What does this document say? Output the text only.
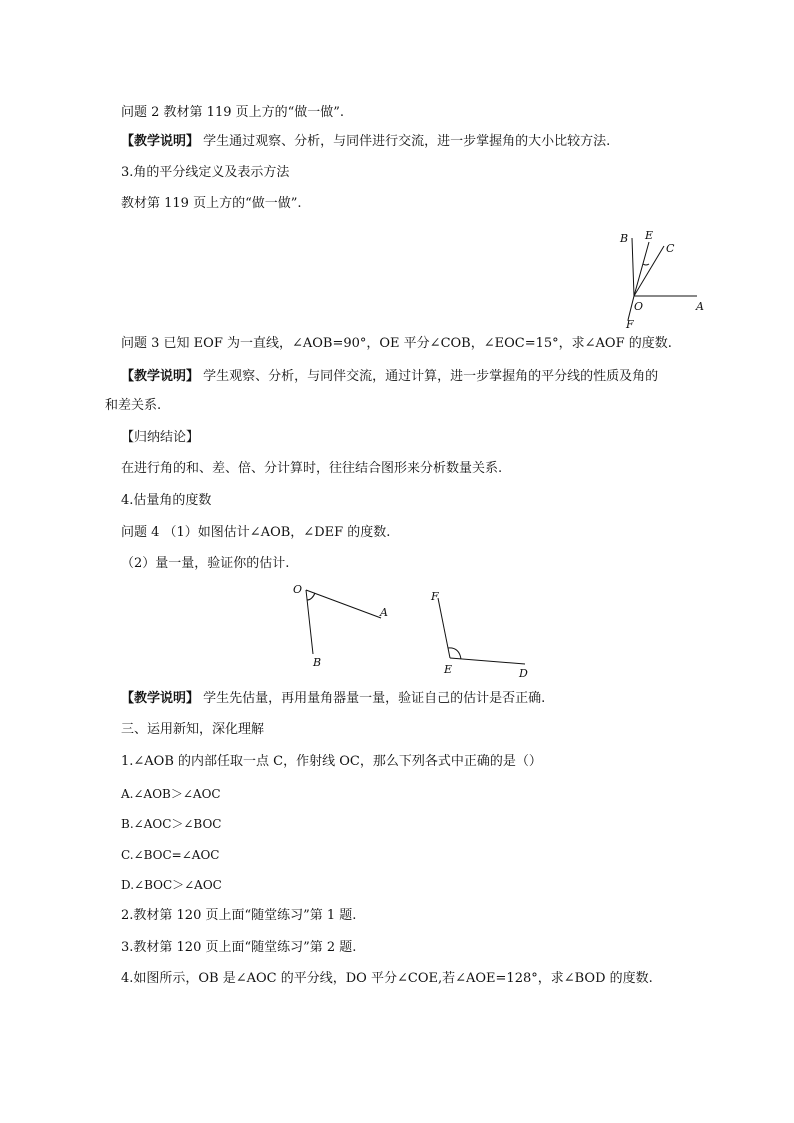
问题 2 教材第 119 页上方的“做一做”.
【教学说明】 学生通过观察、分析，与同伴进行交流，进一步掌握角的大小比较方法.
3.角的平分线定义及表示方法
教材第 119 页上方的“做一做”.
B E
C
O	A
F
问题 3 已知 EOF 为一直线，∠AOB=90°，OE 平分∠COB，∠EOC=15°，求∠AOF 的度数.
【教学说明】 学生观察、分析，与同伴交流，通过计算，进一步掌握角的平分线的性质及角的
和差关系.
【归纳结论】
在进行角的和、差、倍、分计算时，往往结合图形来分析数量关系.
4.估量角的度数
问题 4 （1）如图估计∠AOB，∠DEF 的度数.
（2）量一量，验证你的估计.
O
A
B
F
E	D
【教学说明】 学生先估量，再用量角器量一量，验证自己的估计是否正确.
三、运用新知，深化理解
1.∠AOB 的内部任取一点 C，作射线 OC，那么下列各式中正确的是（）
A.∠AOB＞∠AOC
B.∠AOC＞∠BOC
C.∠BOC=∠AOC
D.∠BOC＞∠AOC
2.教材第 120 页上面“随堂练习”第 1 题.
3.教材第 120 页上面“随堂练习”第 2 题.
4.如图所示，OB 是∠AOC 的平分线，DO 平分∠COE,若∠AOE=128°，求∠BOD 的度数.
